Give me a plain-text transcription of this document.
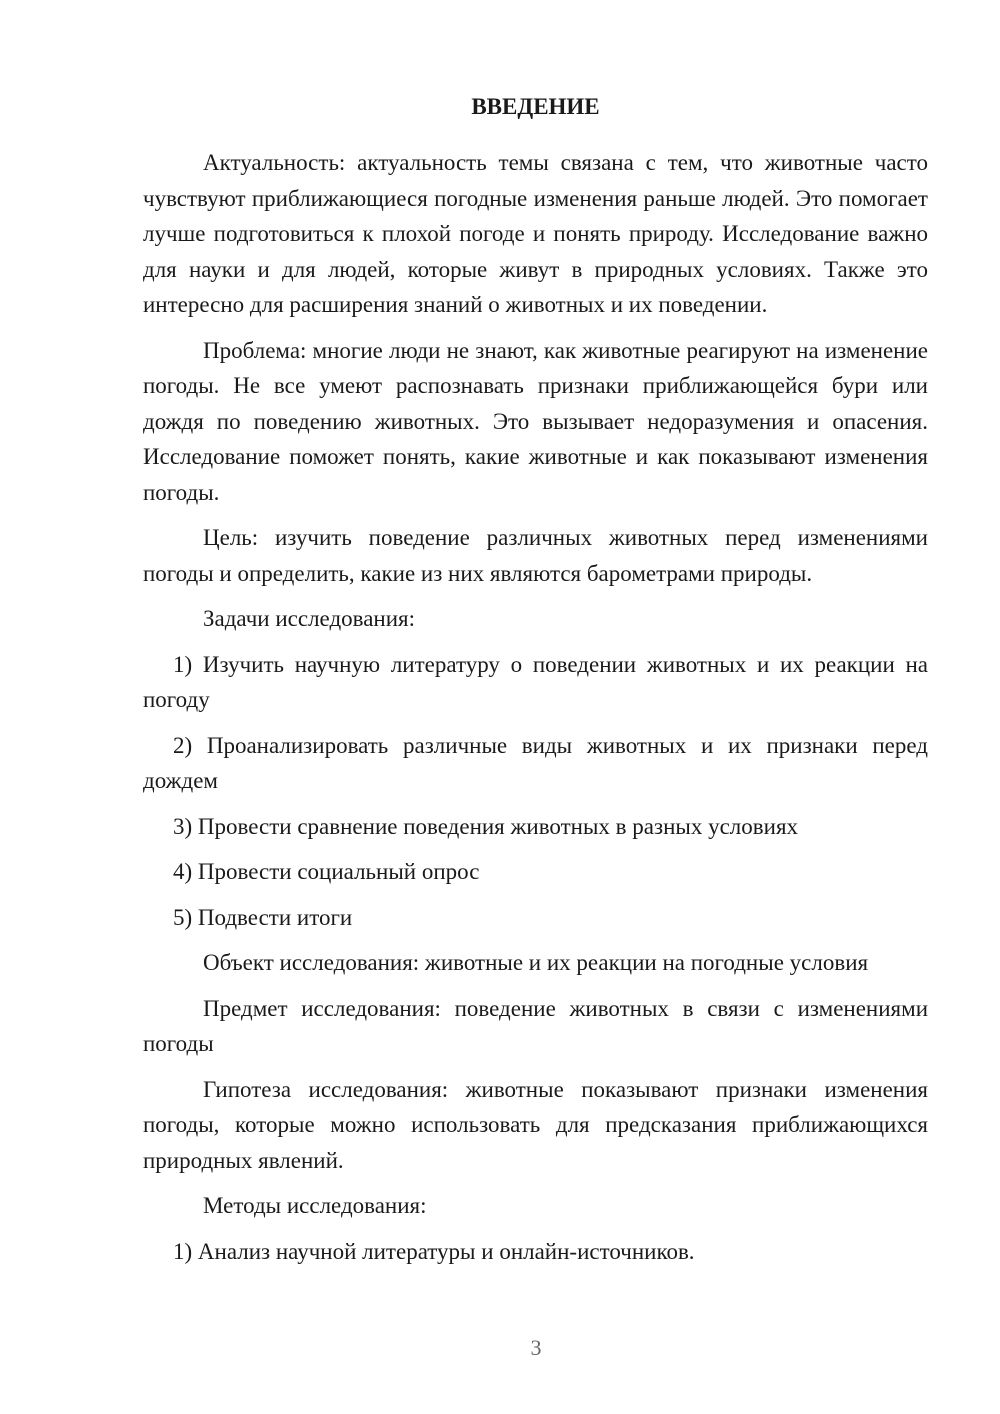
ВВЕДЕНИЕ
Актуальность: актуальность темы связана с тем, что животные часто чувствуют приближающиеся погодные изменения раньше людей. Это помогает лучше подготовиться к плохой погоде и понять природу. Исследование важно для науки и для людей, которые живут в природных условиях. Также это интересно для расширения знаний о животных и их поведении.
Проблема: многие люди не знают, как животные реагируют на изменение погоды. Не все умеют распознавать признаки приближающейся бури или дождя по поведению животных. Это вызывает недоразумения и опасения. Исследование поможет понять, какие животные и как показывают изменения погоды.
Цель: изучить поведение различных животных перед изменениями погоды и определить, какие из них являются барометрами природы.
Задачи исследования:
1) Изучить научную литературу о поведении животных и их реакции на погоду
2) Проанализировать различные виды животных и их признаки перед дождем
3) Провести сравнение поведения животных в разных условиях
4) Провести социальный опрос
5) Подвести итоги
Объект исследования: животные и их реакции на погодные условия
Предмет исследования: поведение животных в связи с изменениями погоды
Гипотеза исследования: животные показывают признаки изменения погоды, которые можно использовать для предсказания приближающихся природных явлений.
Методы исследования:
1) Анализ научной литературы и онлайн-источников.
3
